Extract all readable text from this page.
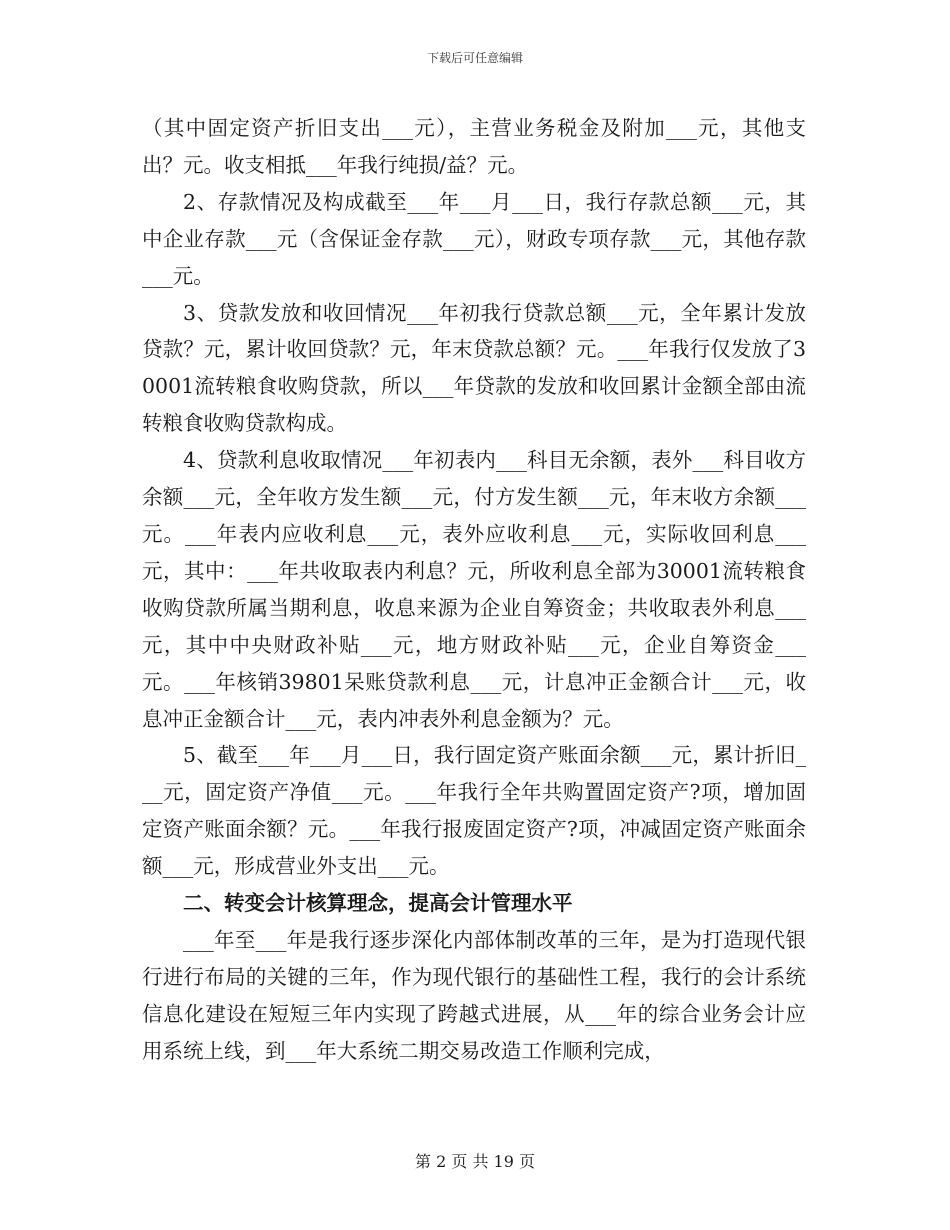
下载后可任意编辑

（其中固定资产折旧支出___元），主营业务税金及附加___元，其他支出？元。收支相抵___年我行纯损/益？元。

2、存款情况及构成截至___年___月___日，我行存款总额___元，其中企业存款___元（含保证金存款___元），财政专项存款___元，其他存款___元。

3、贷款发放和收回情况___年初我行贷款总额___元，全年累计发放贷款？元，累计收回贷款？元，年末贷款总额？元。___年我行仅发放了30001流转粮食收购贷款，所以___年贷款的发放和收回累计金额全部由流转粮食收购贷款构成。

4、贷款利息收取情况___年初表内___科目无余额，表外___科目收方余额___元，全年收方发生额___元，付方发生额___元，年末收方余额___元。___年表内应收利息___元，表外应收利息___元，实际收回利息___元，其中：___年共收取表内利息？元，所收利息全部为30001流转粮食收购贷款所属当期利息，收息来源为企业自筹资金；共收取表外利息___元，其中中央财政补贴___元，地方财政补贴___元，企业自筹资金___元。___年核销39801呆账贷款利息___元，计息冲正金额合计___元，收息冲正金额合计___元，表内冲表外利息金额为？元。

5、截至___年___月___日，我行固定资产账面余额___元，累计折旧___元，固定资产净值___元。___年我行全年共购置固定资产?项，增加固定资产账面余额？元。___年我行报废固定资产?项，冲减固定资产账面余额___元，形成营业外支出___元。

二、转变会计核算理念，提高会计管理水平

___年至___年是我行逐步深化内部体制改革的三年，是为打造现代银行进行布局的关键的三年，作为现代银行的基础性工程，我行的会计系统信息化建设在短短三年内实现了跨越式进展，从___年的综合业务会计应用系统上线，到___年大系统二期交易改造工作顺利完成，

第 2 页 共 19 页
